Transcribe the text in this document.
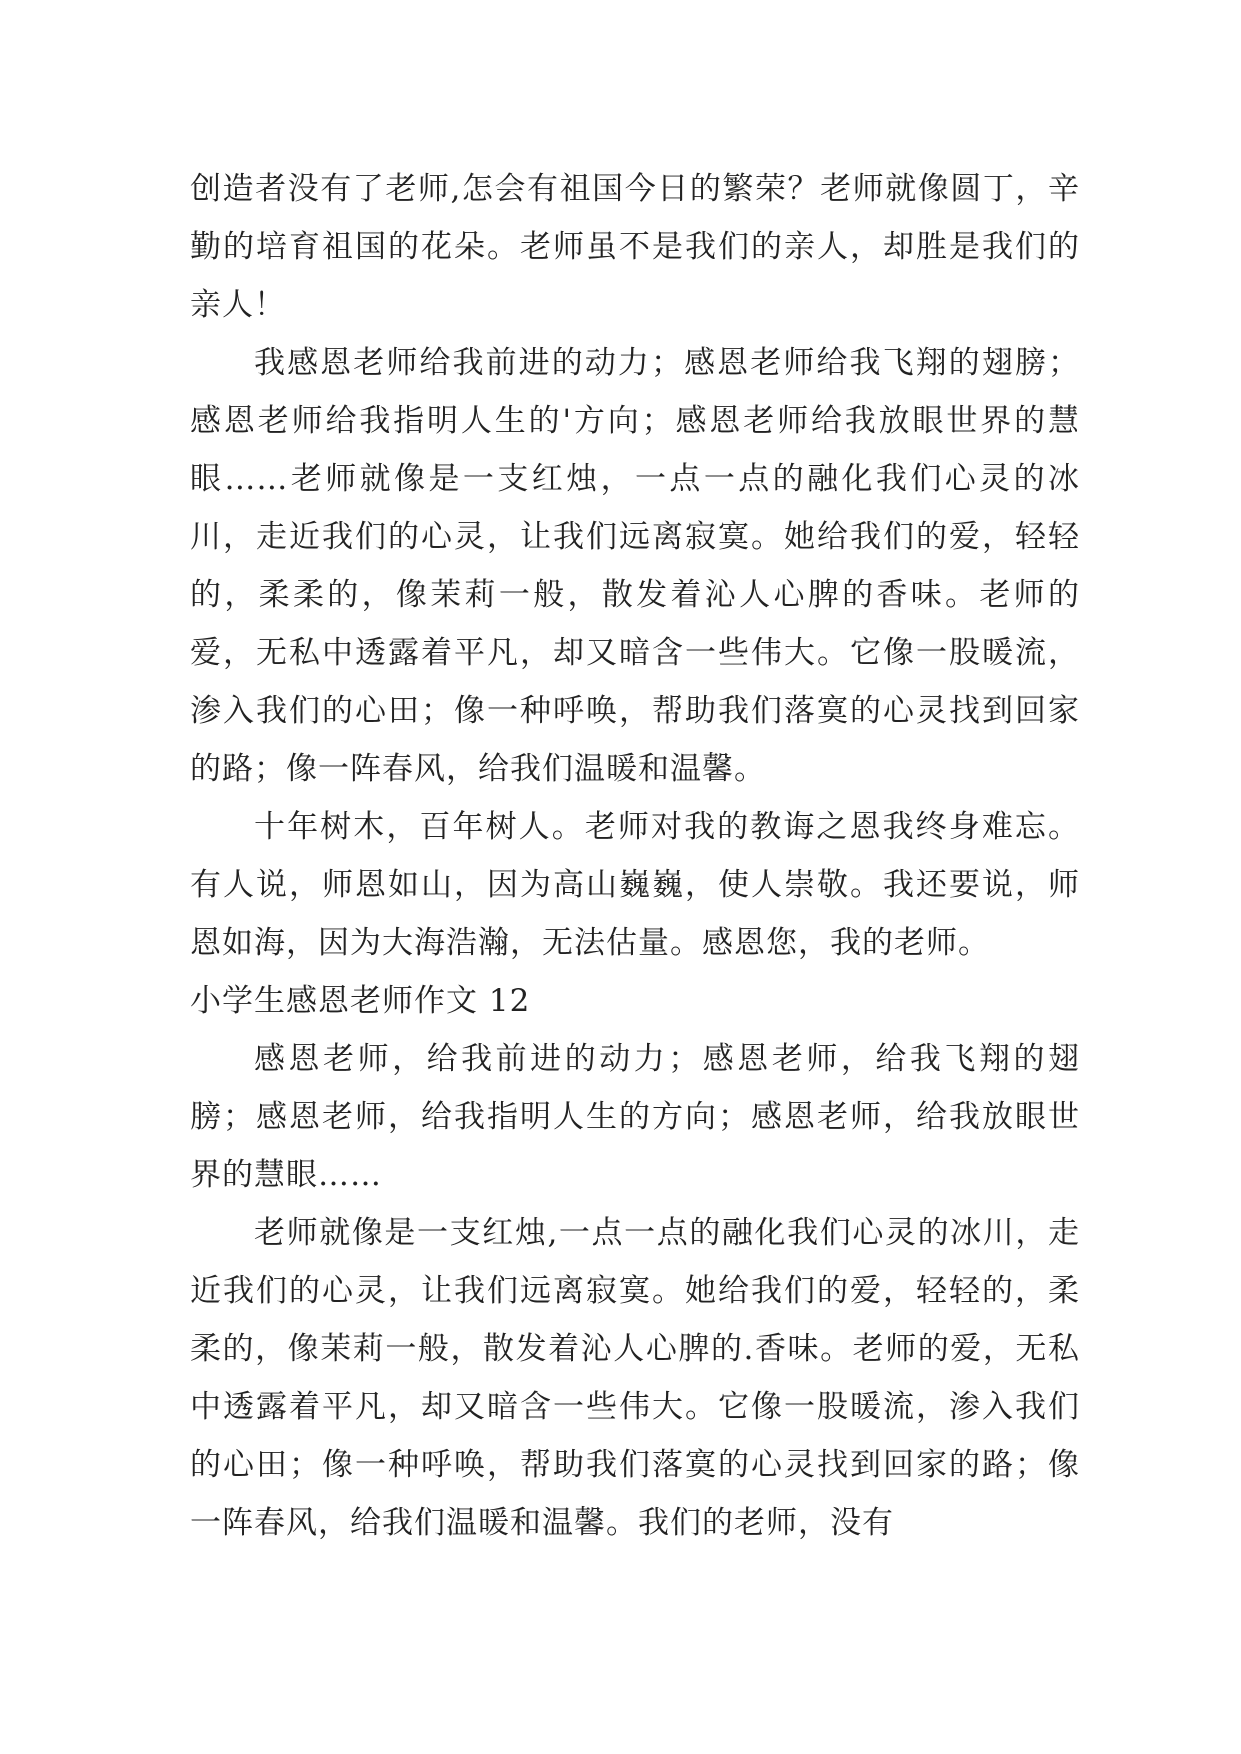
创造者没有了老师,怎会有祖国今日的繁荣？老师就像圆丁，辛勤的培育祖国的花朵。老师虽不是我们的亲人，却胜是我们的亲人！

我感恩老师给我前进的动力；感恩老师给我飞翔的翅膀；感恩老师给我指明人生的'方向；感恩老师给我放眼世界的慧眼……老师就像是一支红烛，一点一点的融化我们心灵的冰川，走近我们的心灵，让我们远离寂寞。她给我们的爱，轻轻的，柔柔的，像茉莉一般，散发着沁人心脾的香味。老师的爱，无私中透露着平凡，却又暗含一些伟大。它像一股暖流，渗入我们的心田；像一种呼唤，帮助我们落寞的心灵找到回家的路；像一阵春风，给我们温暖和温馨。

十年树木，百年树人。老师对我的教诲之恩我终身难忘。有人说，师恩如山，因为高山巍巍，使人崇敬。我还要说，师恩如海，因为大海浩瀚，无法估量。感恩您，我的老师。

小学生感恩老师作文 12

感恩老师，给我前进的动力；感恩老师，给我飞翔的翅膀；感恩老师，给我指明人生的方向；感恩老师，给我放眼世界的慧眼……

老师就像是一支红烛,一点一点的融化我们心灵的冰川，走近我们的心灵，让我们远离寂寞。她给我们的爱，轻轻的，柔柔的，像茉莉一般，散发着沁人心脾的.香味。老师的爱，无私中透露着平凡，却又暗含一些伟大。它像一股暖流，渗入我们的心田；像一种呼唤，帮助我们落寞的心灵找到回家的路；像一阵春风，给我们温暖和温馨。我们的老师，没有
